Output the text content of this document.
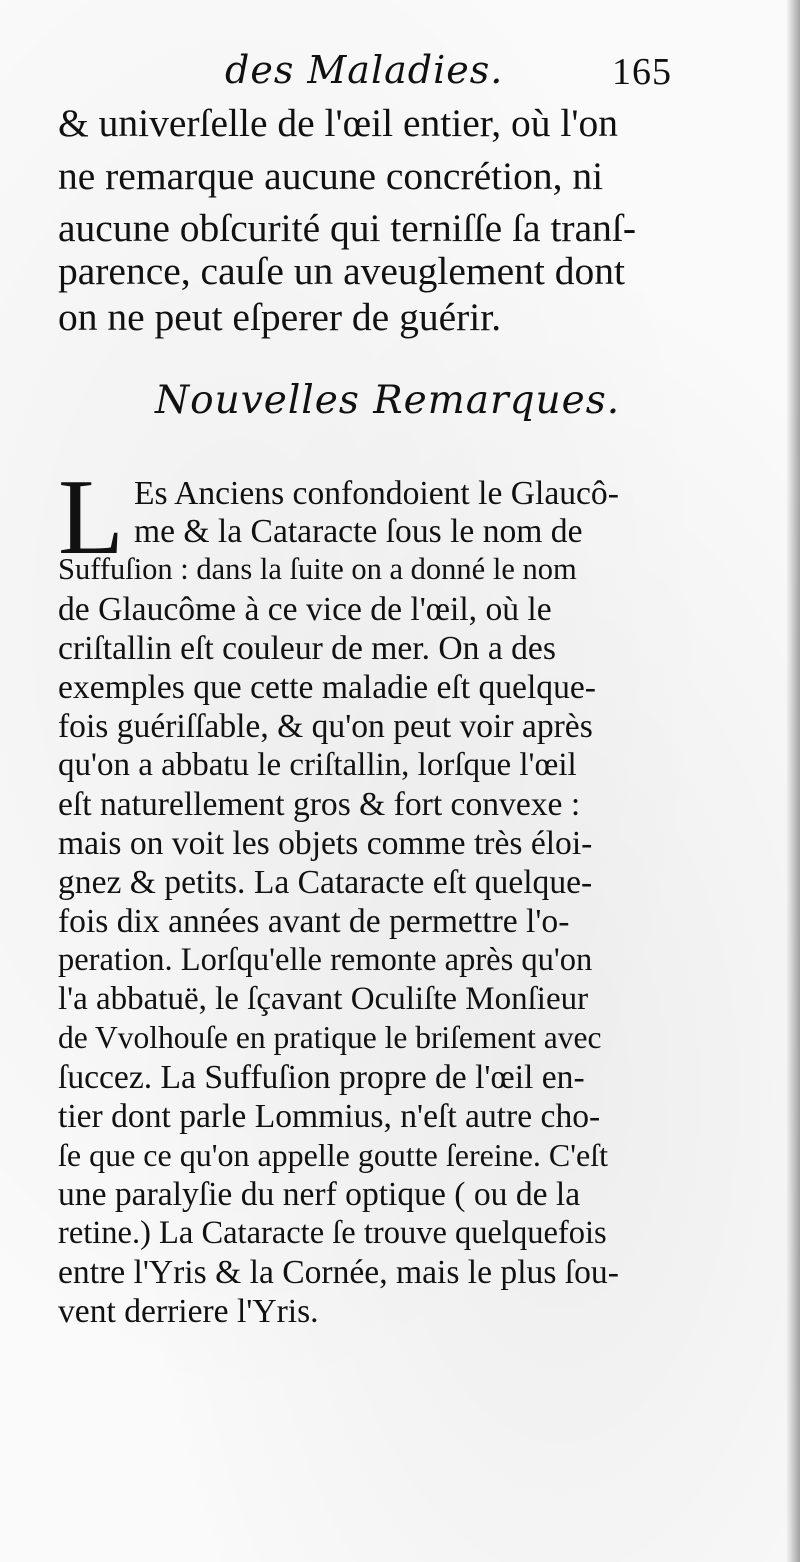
des Maladies.	165
& univerſelle de l'œil entier, où l'on
ne remarque aucune concrétion, ni
aucune obſcurité qui terniſſe ſa tranſ-
parence, cauſe un aveuglement dont
on ne peut eſperer de guérir.
Nouvelles Remarques.
L Es Anciens confondoient le Glaucô-
me & la Cataracte ſous le nom de
Suffuſion : dans la ſuite on a donné le nom
de Glaucôme à ce vice de l'œil, où le
criſtallin eſt couleur de mer. On a des
exemples que cette maladie eſt quelque-
fois guériſſable, & qu'on peut voir après
qu'on a abbatu le criſtallin, lorſque l'œil
eſt naturellement gros & fort convexe :
mais on voit les objets comme très éloi-
gnez & petits. La Cataracte eſt quelque-
fois dix années avant de permettre l'o-
peration. Lorſqu'elle remonte après qu'on
l'a abbatuë, le ſçavant Oculiſte Monſieur
de Vvolhouſe en pratique le briſement avec
ſuccez. La Suffuſion propre de l'œil en-
tier dont parle Lommius, n'eſt autre cho-
ſe que ce qu'on appelle goutte ſereine. C'eſt
une paralyſie du nerf optique ( ou de la
retine.) La Cataracte ſe trouve quelquefois
entre l'Yris & la Cornée, mais le plus ſou-
vent derriere l'Yris.
